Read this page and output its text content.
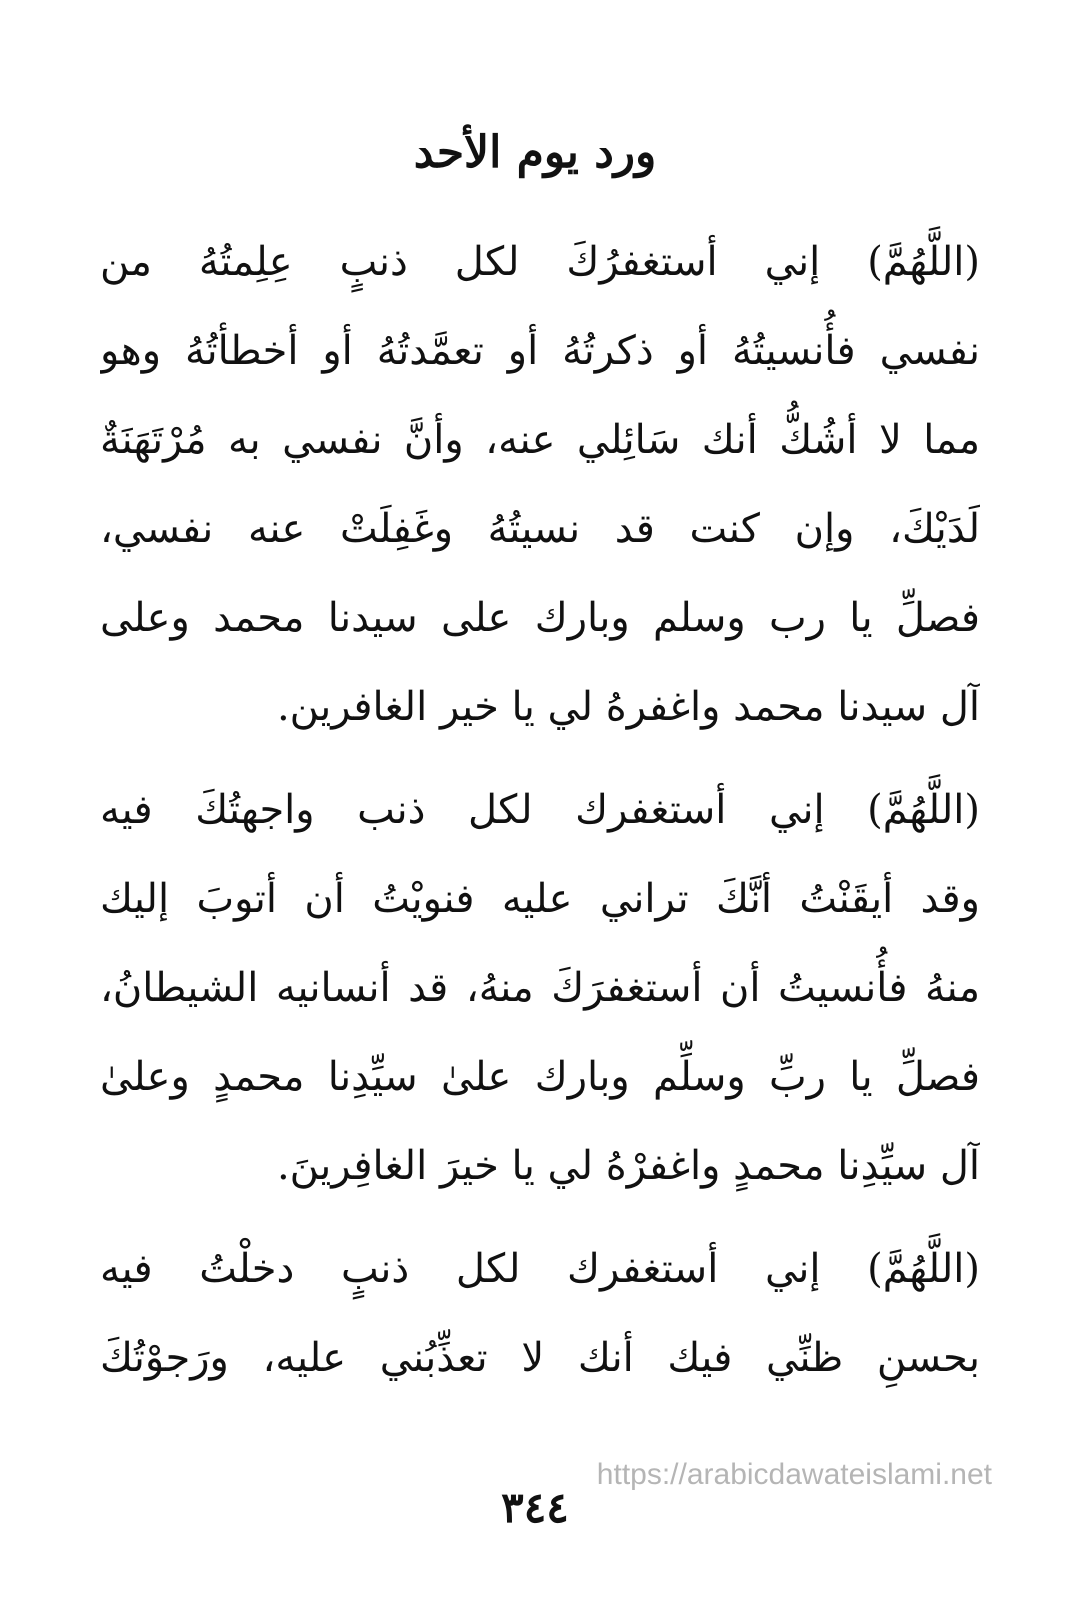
ورد يوم الأحد
(اللَّهُمَّ) إني أستغفرُكَ لكل ذنبٍ عِلِمتُهُ من
نفسي فأُنسيتُهُ أو ذكرتُهُ أو تعمَّدتُهُ أو أخطأتُهُ وهو
مما لا أشُكُّ أنك سَائِلي عنه، وأنَّ نفسي به مُرْتَهَنَةٌ
لَدَيْكَ، وإن كنت قد نسيتُهُ وغَفِلَتْ عنه نفسي،
فصلِّ يا رب وسلم وبارك على سيدنا محمد وعلى
آل سيدنا محمد واغفرهُ لي يا خير الغافرين.
(اللَّهُمَّ) إني أستغفرك لكل ذنب واجهتُكَ فيه
وقد أيقَنْتُ أنَّكَ تراني عليه فنويْتُ أن أتوبَ إليك
منهُ فأُنسيتُ أن أستغفرَكَ منهُ، قد أنسانيه الشيطانُ،
فصلِّ يا ربِّ وسلِّم وبارك علىٰ سيِّدِنا محمدٍ وعلىٰ
آل سيِّدِنا محمدٍ واغفرْهُ لي يا خيرَ الغافِرينَ.
(اللَّهُمَّ) إني أستغفرك لكل ذنبٍ دخلْتُ فيه
بحسنِ ظنِّي فيك أنك لا تعذِّبُني عليه، ورَجوْتُكَ
https://arabicdawateislami.net
٣٤٤
